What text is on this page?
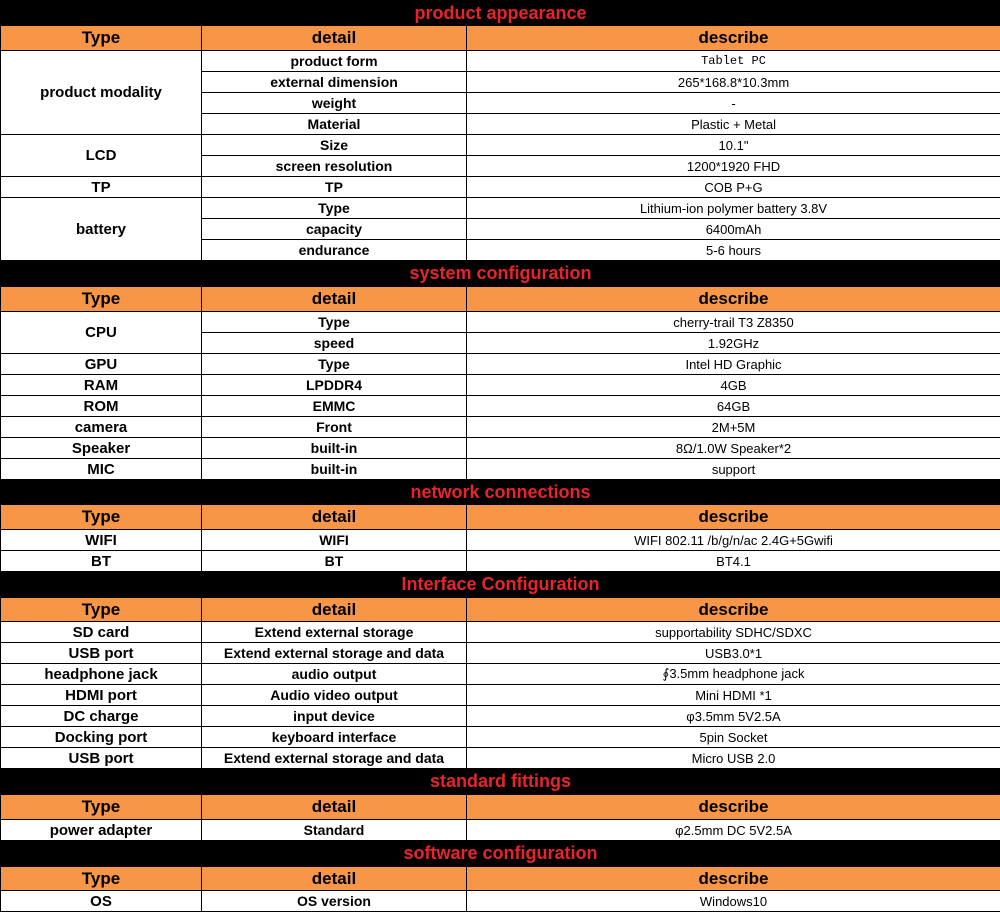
product appearance		
Type	detail	describe
product modality	product form	Tablet PC
	external dimension	265*168.8*10.3mm
	weight	-
	Material	Plastic + Metal
LCD	Size	10.1"
	screen resolution	1200*1920 FHD
TP	TP	COB P+G
battery	Type	Lithium-ion polymer battery 3.8V
	capacity	6400mAh
	endurance	5-6 hours
system configuration		
Type	detail	describe
CPU	Type	cherry-trail T3 Z8350
	speed	1.92GHz
GPU	Type	Intel HD Graphic
RAM	LPDDR4	4GB
ROM	EMMC	64GB
camera	Front	2M+5M
Speaker	built-in	8Ω/1.0W Speaker*2
MIC	built-in	support
network connections		
Type	detail	describe
WIFI	WIFI	WIFI 802.11 /b/g/n/ac 2.4G+5Gwifi
BT	BT	BT4.1
Interface Configuration		
Type	detail	describe
SD card	Extend external storage	supportability SDHC/SDXC
USB port	Extend external storage and data	USB3.0*1
headphone jack	audio output	∮3.5mm headphone jack
HDMI port	Audio video output	Mini HDMI *1
DC charge	input device	φ3.5mm 5V2.5A
Docking port	keyboard interface	5pin Socket
USB port	Extend external storage and data	Micro USB 2.0
standard fittings		
Type	detail	describe
power adapter	Standard	φ2.5mm DC 5V2.5A
software configuration		
Type	detail	describe
OS	OS version	Windows10
